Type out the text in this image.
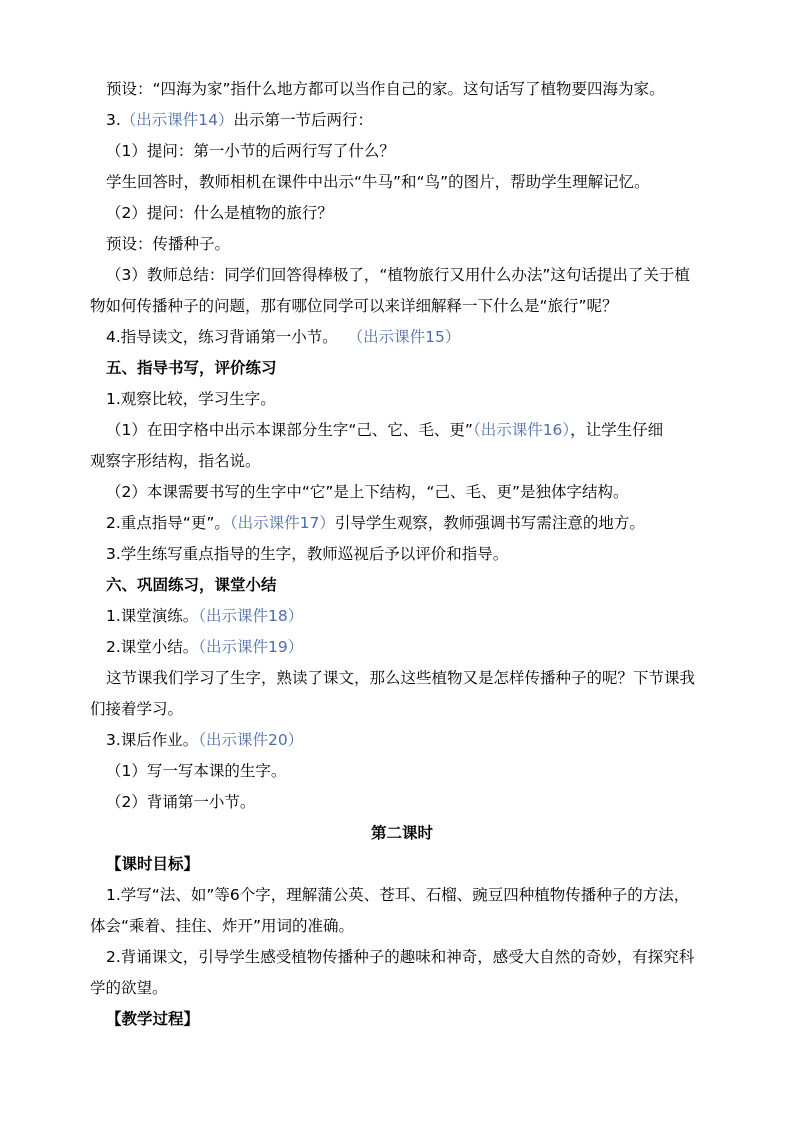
预设：“四海为家”指什么地方都可以当作自己的家。这句话写了植物要四海为家。
3.（出示课件14）出示第一节后两行：
（1）提问：第一小节的后两行写了什么？
学生回答时，教师相机在课件中出示“牛马”和“鸟”的图片，帮助学生理解记忆。
（2）提问：什么是植物的旅行？
预设：传播种子。
（3）教师总结：同学们回答得棒极了，“植物旅行又用什么办法”这句话提出了关于植
物如何传播种子的问题，那有哪位同学可以来详细解释一下什么是“旅行”呢？
4.指导读文，练习背诵第一小节。 （出示课件15）
五、指导书写，评价练习
1.观察比较，学习生字。
（1）在田字格中出示本课部分生字“己、它、毛、更”（出示课件16），让学生仔细
观察字形结构，指名说。
（2）本课需要书写的生字中“它”是上下结构，“己、毛、更”是独体字结构。
2.重点指导“更”。（出示课件17）引导学生观察，教师强调书写需注意的地方。
3.学生练写重点指导的生字，教师巡视后予以评价和指导。
六、巩固练习，课堂小结
1.课堂演练。（出示课件18）
2.课堂小结。（出示课件19）
这节课我们学习了生字，熟读了课文，那么这些植物又是怎样传播种子的呢？下节课我
们接着学习。
3.课后作业。（出示课件20）
（1）写一写本课的生字。
（2）背诵第一小节。
第二课时
【课时目标】
1.学写“法、如”等6个字，理解蒲公英、苍耳、石榴、豌豆四种植物传播种子的方法，
体会“乘着、挂住、炸开”用词的准确。
2.背诵课文，引导学生感受植物传播种子的趣味和神奇，感受大自然的奇妙，有探究科
学的欲望。
【教学过程】
